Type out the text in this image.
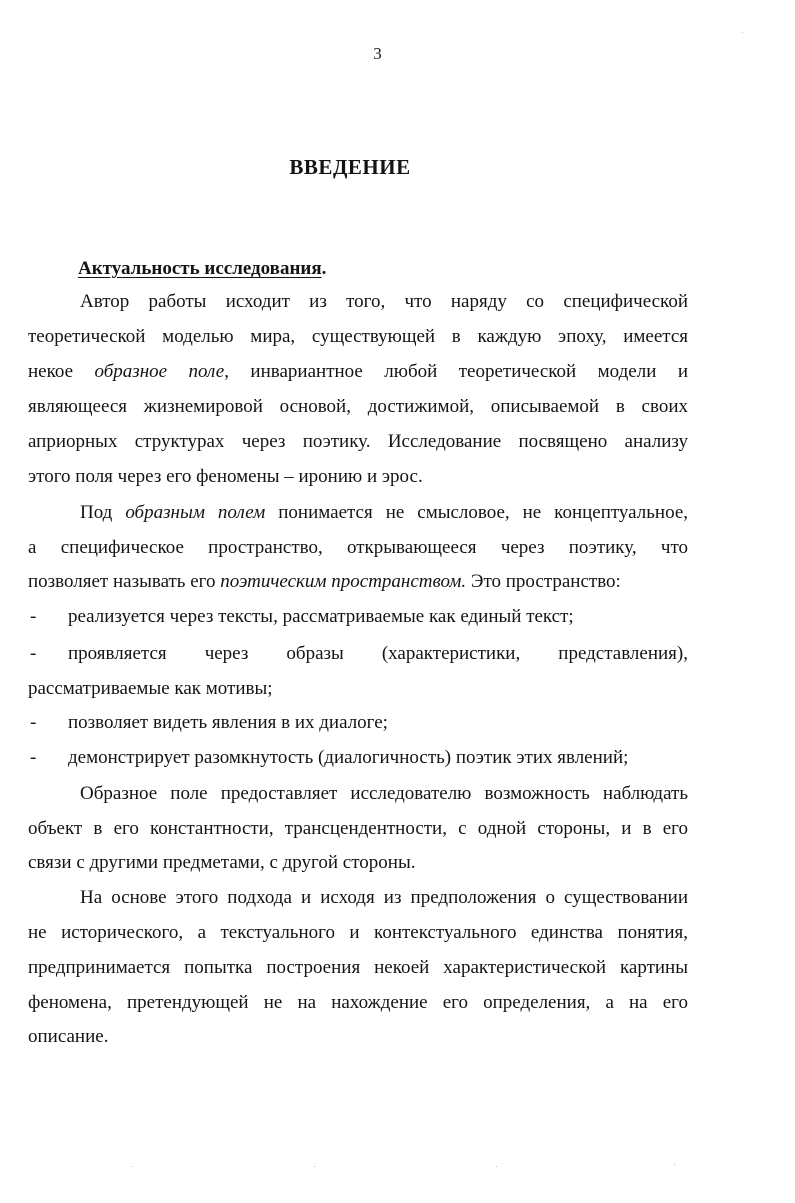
3
ВВЕДЕНИЕ
Актуальность исследования.
Автор работы исходит из того, что наряду со специфической
теоретической моделью мира, существующей в каждую эпоху, имеется
некое образное поле, инвариантное любой теоретической модели и
являющееся жизнемировой основой, достижимой, описываемой в своих
априорных структурах через поэтику. Исследование посвящено анализу
этого поля через его феномены – иронию и эрос.
Под образным полем понимается не смысловое, не концептуальное,
а специфическое пространство, открывающееся через поэтику, что
позволяет называть его поэтическим пространством. Это пространство:
- реализуется через тексты, рассматриваемые как единый текст;
- проявляется через образы (характеристики, представления),
рассматриваемые как мотивы;
- позволяет видеть явления в их диалоге;
- демонстрирует разомкнутость (диалогичность) поэтик этих явлений;
Образное поле предоставляет исследователю возможность наблюдать
объект в его константности, трансцендентности, с одной стороны, и в его
связи с другими предметами, с другой стороны.
На основе этого подхода и исходя из предположения о существовании
не исторического, а текстуального и контекстуального единства понятия,
предпринимается попытка построения некоей характеристической картины
феномена, претендующей не на нахождение его определения, а на его
описание.
